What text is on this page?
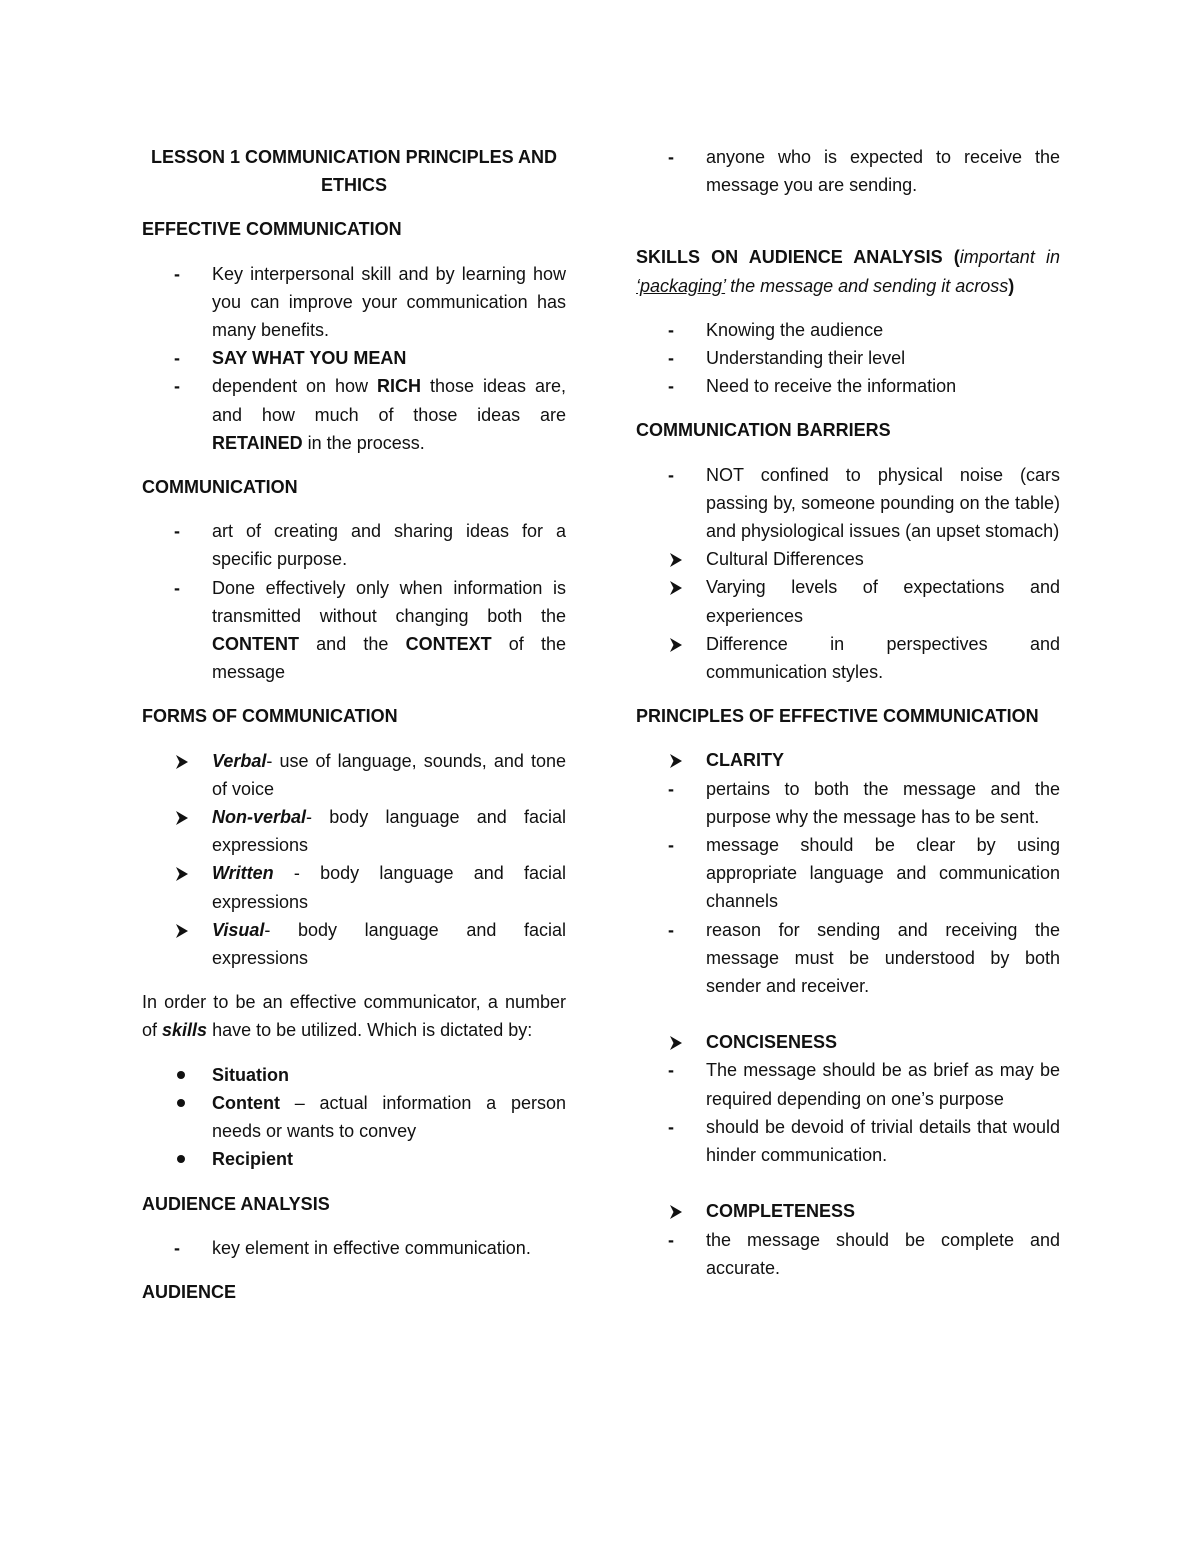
LESSON 1 COMMUNICATION PRINCIPLES AND ETHICS

EFFECTIVE COMMUNICATION

-	Key interpersonal skill and by learning how you can improve your communication has many benefits.
-	SAY WHAT YOU MEAN
-	dependent on how RICH those ideas are, and how much of those ideas are RETAINED in the process.

COMMUNICATION

-	art of creating and sharing ideas for a specific purpose.
-	Done effectively only when information is transmitted without changing both the CONTENT and the CONTEXT of the message

FORMS OF COMMUNICATION

Verbal- use of language, sounds, and tone of voice
Non-verbal- body language and facial expressions
Written - body language and facial expressions
Visual- body language and facial expressions

In order to be an effective communicator, a number of skills have to be utilized. Which is dictated by:

Situation
Content – actual information a person needs or wants to convey
Recipient

AUDIENCE ANALYSIS

-	key element in effective communication.

AUDIENCE

-	anyone who is expected to receive the message you are sending.

SKILLS ON AUDIENCE ANALYSIS (important in ‘packaging’ the message and sending it across)

-	Knowing the audience
-	Understanding their level
-	Need to receive the information

COMMUNICATION BARRIERS

-	NOT confined to physical noise (cars passing by, someone pounding on the table) and physiological issues (an upset stomach)
Cultural Differences
Varying levels of expectations and experiences
Difference in perspectives and communication styles.

PRINCIPLES OF EFFECTIVE COMMUNICATION

CLARITY
-	pertains to both the message and the purpose why the message has to be sent.
-	message should be clear by using appropriate language and communication channels
-	reason for sending and receiving the message must be understood by both sender and receiver.
CONCISENESS
-	The message should be as brief as may be required depending on one’s purpose
-	should be devoid of trivial details that would hinder communication.
COMPLETENESS
-	the message should be complete and accurate.
